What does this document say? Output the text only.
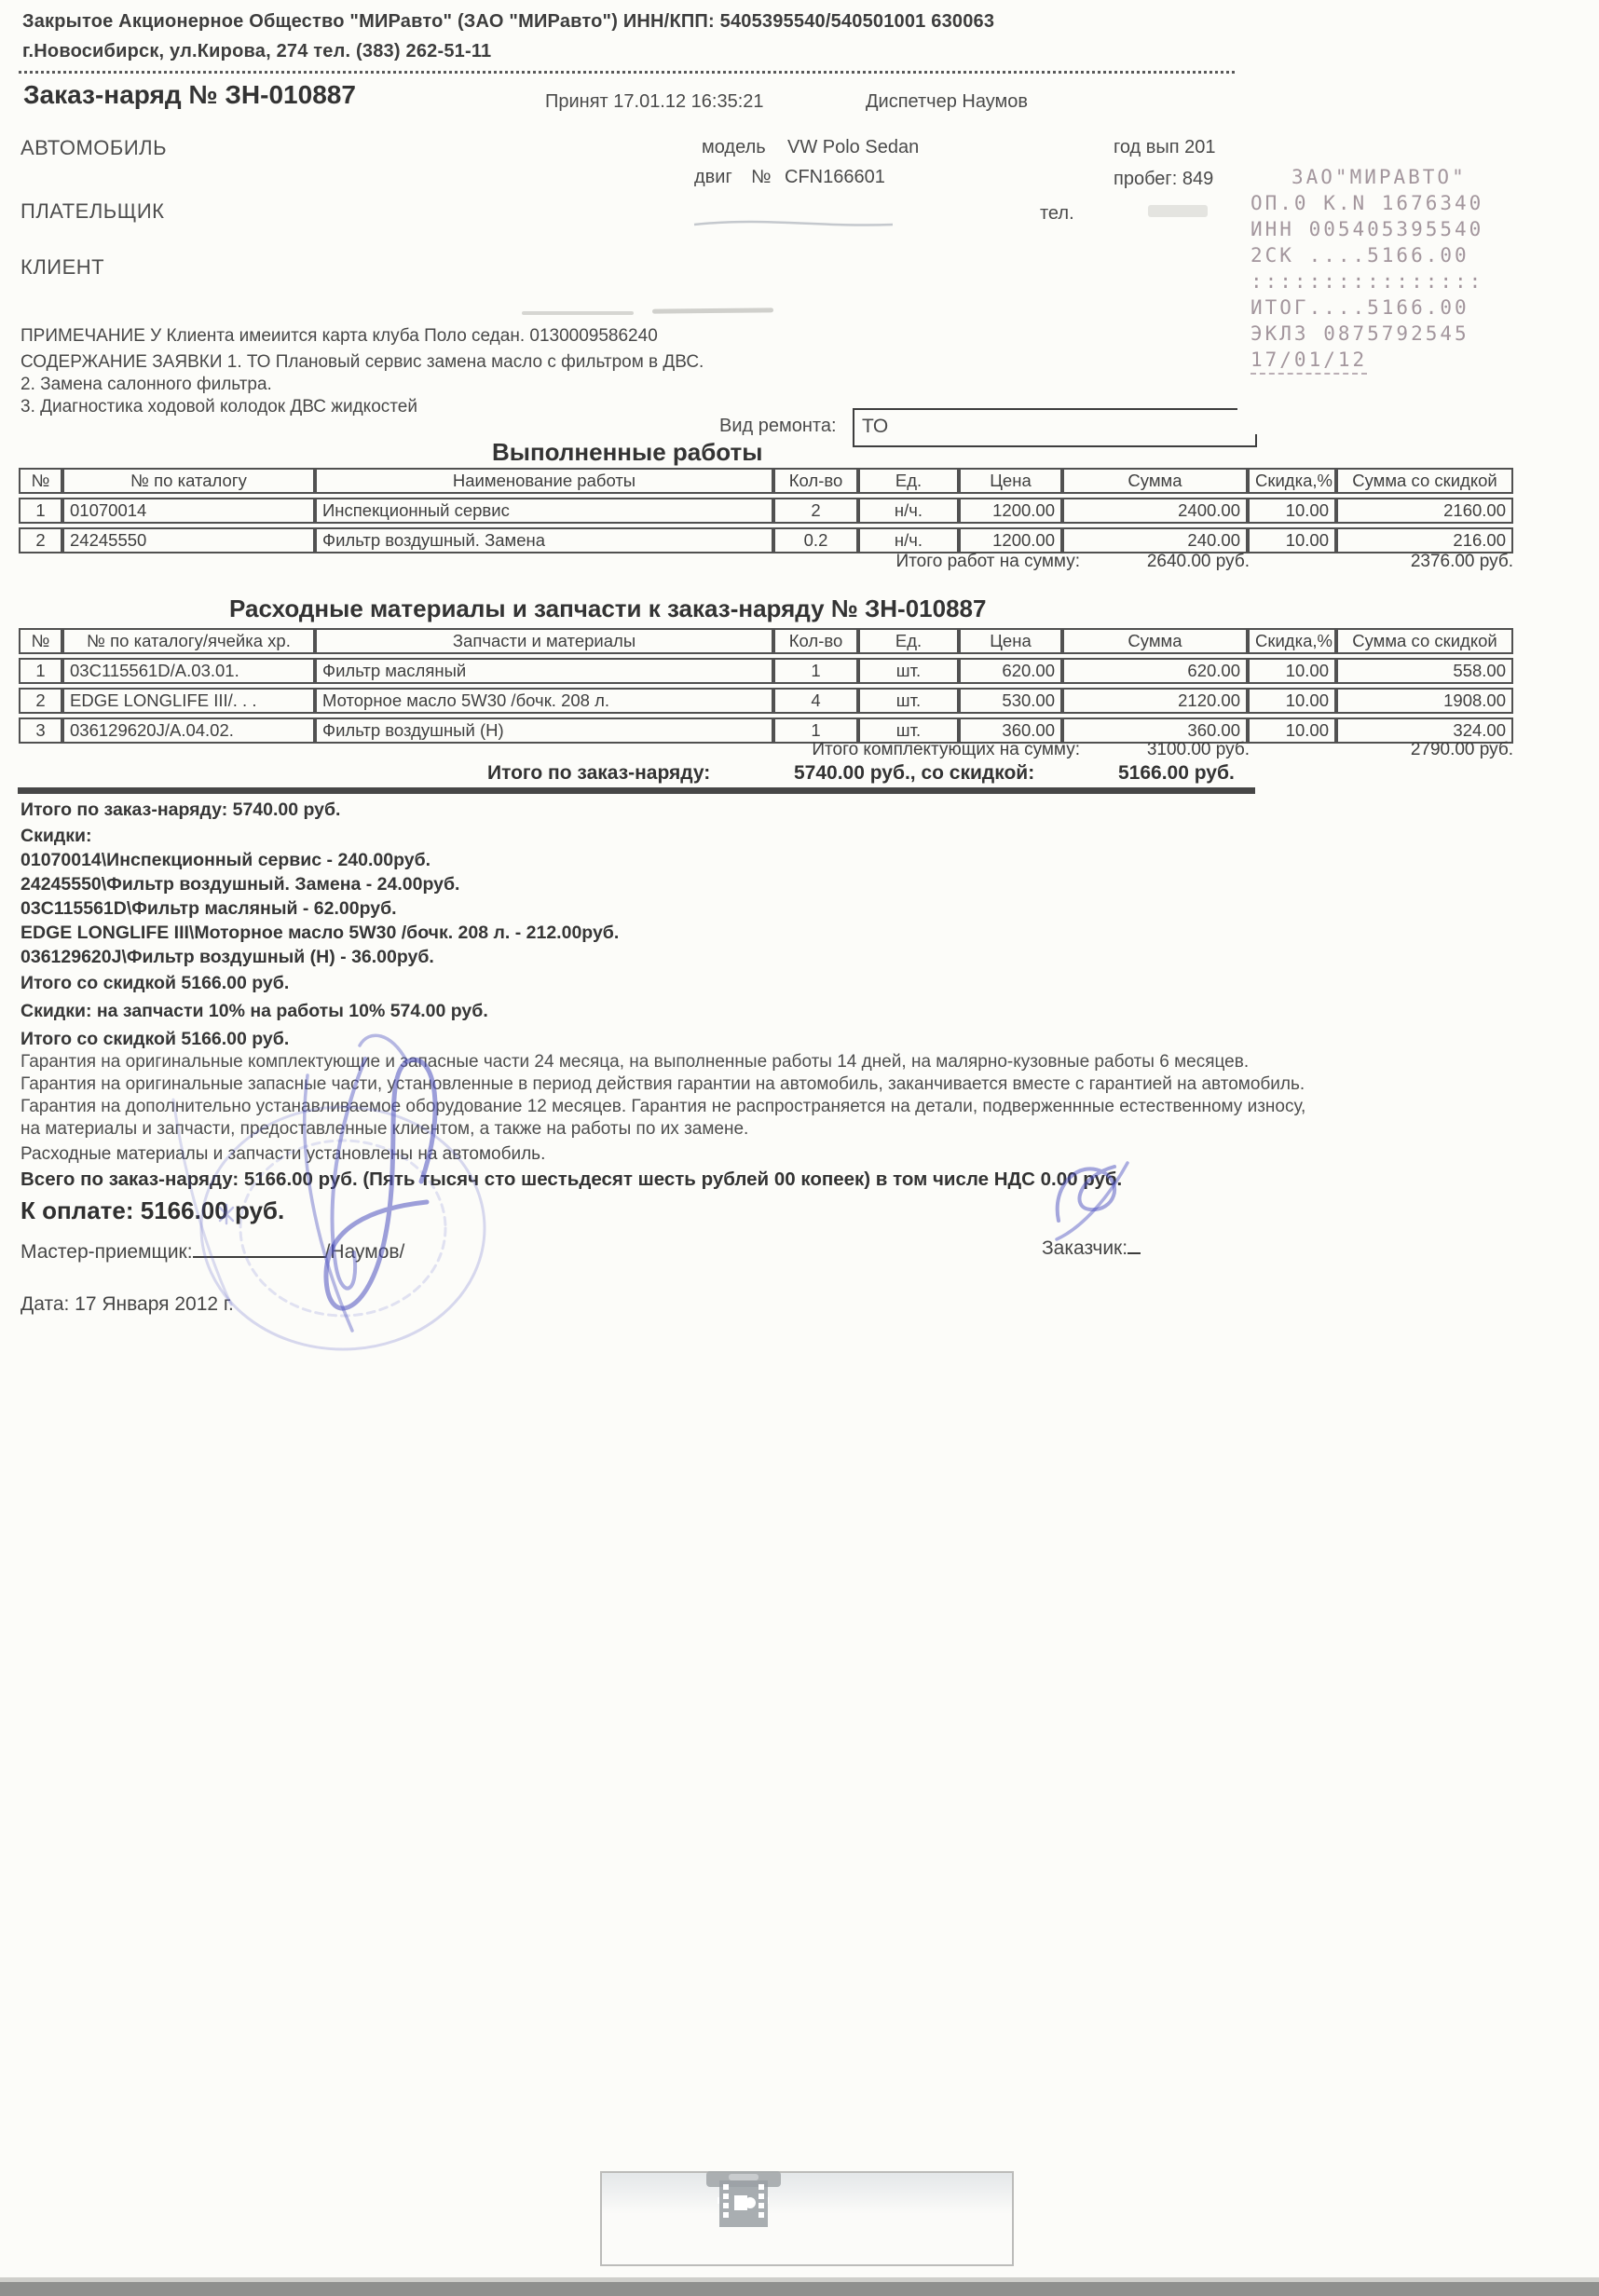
Закрытое Акционерное Общество "МИРавто" (ЗАО "МИРавто") ИНН/КПП: 5405395540/540501001 630063
г.Новосибирск, ул.Кирова, 274 тел. (383) 262-51-11
Заказ-наряд № ЗН-010887	Принят 17.01.12 16:35:21	Диспетчер Наумов
АВТОМОБИЛЬ	модель VW Polo Sedan	год вып 201
двиг № CFN166601	пробег: 849
ПЛАТЕЛЬЩИК	тел.
КЛИЕНТ
ПРИМЕЧАНИЕ У Клиента имеиится карта клуба Поло седан. 0130009586240
СОДЕРЖАНИЕ ЗАЯВКИ 1. ТО Плановый сервис замена масло с фильтром в ДВС.
2. Замена салонного фильтра.
3. Диагностика ходовой колодок ДВС жидкостей
Вид ремонта: ТО
Выполненные работы
№	№ по каталогу	Наименование работы	Кол-во	Ед.	Цена	Сумма	Скидка,%	Сумма со скидкой
1	01070014	Инспекционный сервис	2	н/ч.	1200.00	2400.00	10.00	2160.00
2	24245550	Фильтр воздушный. Замена	0.2	н/ч.	1200.00	240.00	10.00	216.00
Итого работ на сумму:	2640.00 руб.	2376.00 руб.
Расходные материалы и запчасти к заказ-наряду № ЗН-010887
№	№ по каталогу/ячейка хр.	Запчасти и материалы	Кол-во	Ед.	Цена	Сумма	Скидка,%	Сумма со скидкой
1	03C115561D/A.03.01.	Фильтр масляный	1	шт.	620.00	620.00	10.00	558.00
2	EDGE LONGLIFE III/. . .	Моторное масло 5W30 /бочк. 208 л.	4	шт.	530.00	2120.00	10.00	1908.00
3	036129620J/A.04.02.	Фильтр воздушный (Н)	1	шт.	360.00	360.00	10.00	324.00
Итого комплектующих на сумму:	3100.00 руб.	2790.00 руб.
Итого по заказ-наряду:	5740.00 руб., со скидкой:	5166.00 руб.
Итого по заказ-наряду: 5740.00 руб.
Скидки:
01070014\Инспекционный сервис - 240.00руб.
24245550\Фильтр воздушный. Замена - 24.00руб.
03C115561D\Фильтр масляный - 62.00руб.
EDGE LONGLIFE III\Моторное масло 5W30 /бочк. 208 л. - 212.00руб.
036129620J\Фильтр воздушный (Н) - 36.00руб.
Итого со скидкой 5166.00 руб.
Скидки: на запчасти 10% на работы 10% 574.00 руб.
Итого со скидкой 5166.00 руб.
Гарантия на оригинальные комплектующие и запасные части 24 месяца, на выполненные работы 14 дней, на малярно-кузовные работы 6 месяцев. Гарантия на оригинальные запасные части, установленные в период действия гарантии на автомобиль, заканчивается вместе с гарантией на автомобиль. Гарантия на дополнительно устанавливаемое оборудование 12 месяцев. Гарантия не распространяется на детали, подверженнные естественному износу, на материалы и запчасти, предоставленные клиентом, а также на работы по их замене.
Расходные материалы и запчасти установлены на автомобиль.
Всего по заказ-наряду: 5166.00 руб. (Пять тысяч сто шестьдесят шесть рублей 00 копеек) в том числе НДС 0.00 руб.
К оплате: 5166.00 руб.
Мастер-приемщик:	/Наумов/	Заказчик:
Дата: 17 Января 2012 г.
ЗАО"МИРАВТО"
ОП.0 К.N 1676340
ИНН 005405395540
2СК ....5166.00
::::::::::::::::
ИТОГ....5166.00
ЭКЛЗ 0875792545
17/01/12
